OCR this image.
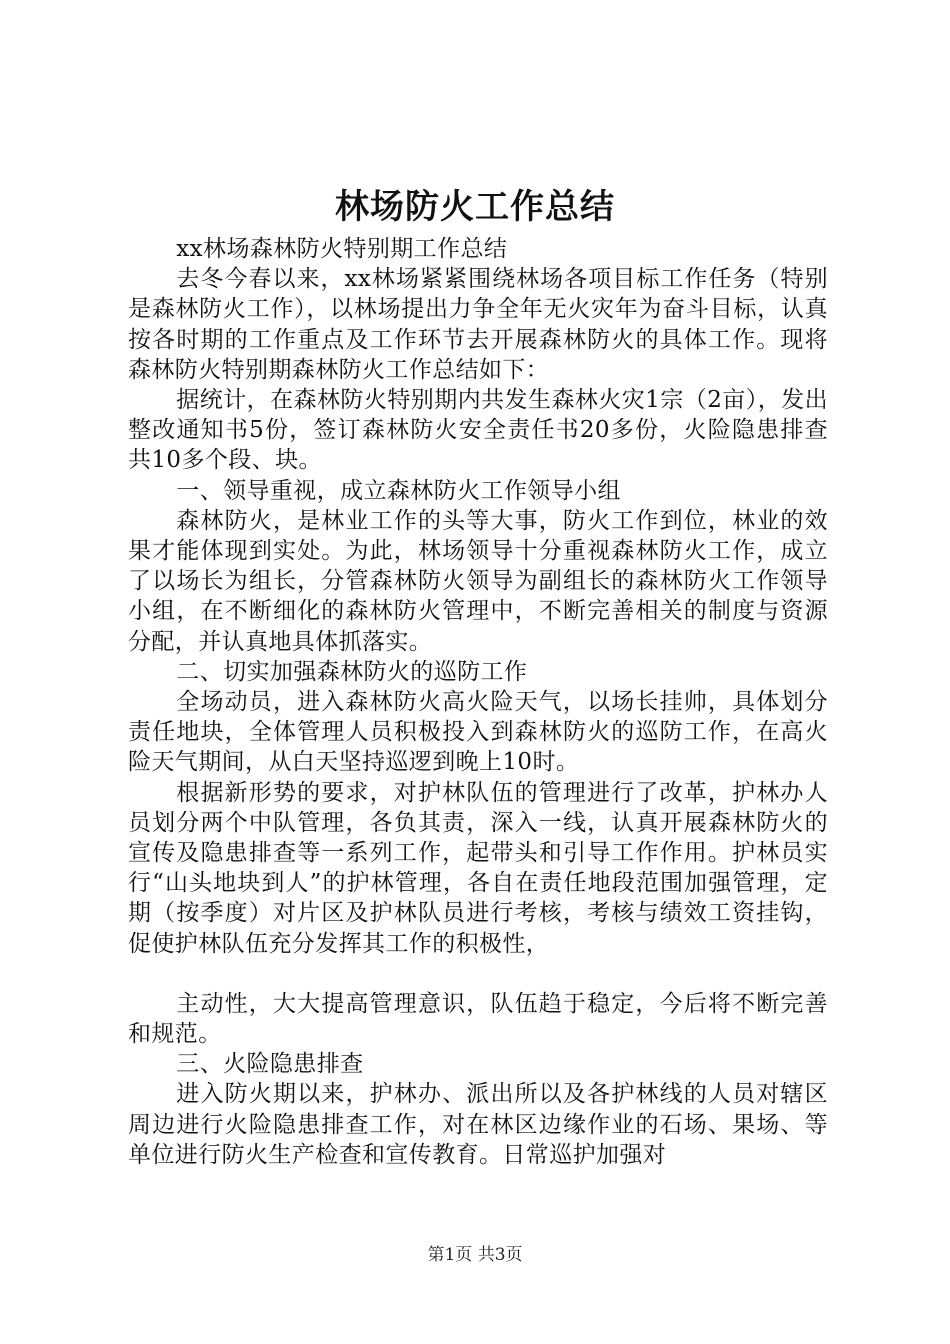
林场防火工作总结

xx林场森林防火特别期工作总结

去冬今春以来，xx林场紧紧围绕林场各项目标工作任务（特别是森林防火工作），以林场提出力争全年无火灾年为奋斗目标，认真按各时期的工作重点及工作环节去开展森林防火的具体工作。现将森林防火特别期森林防火工作总结如下：

据统计，在森林防火特别期内共发生森林火灾1宗（2亩），发出整改通知书5份，签订森林防火安全责任书20多份，火险隐患排查共10多个段、块。

一、领导重视，成立森林防火工作领导小组

森林防火，是林业工作的头等大事，防火工作到位，林业的效果才能体现到实处。为此，林场领导十分重视森林防火工作，成立了以场长为组长，分管森林防火领导为副组长的森林防火工作领导小组，在不断细化的森林防火管理中，不断完善相关的制度与资源分配，并认真地具体抓落实。

二、切实加强森林防火的巡防工作

全场动员，进入森林防火高火险天气，以场长挂帅，具体划分责任地块，全体管理人员积极投入到森林防火的巡防工作，在高火险天气期间，从白天坚持巡逻到晚上10时。

根据新形势的要求，对护林队伍的管理进行了改革，护林办人员划分两个中队管理，各负其责，深入一线，认真开展森林防火的宣传及隐患排查等一系列工作，起带头和引导工作作用。护林员实行“山头地块到人”的护林管理，各自在责任地段范围加强管理，定期（按季度）对片区及护林队员进行考核，考核与绩效工资挂钩，促使护林队伍充分发挥其工作的积极性，

主动性，大大提高管理意识，队伍趋于稳定，今后将不断完善和规范。

三、火险隐患排查

进入防火期以来，护林办、派出所以及各护林线的人员对辖区周边进行火险隐患排查工作，对在林区边缘作业的石场、果场、等单位进行防火生产检查和宣传教育。日常巡护加强对

第1页 共3页
